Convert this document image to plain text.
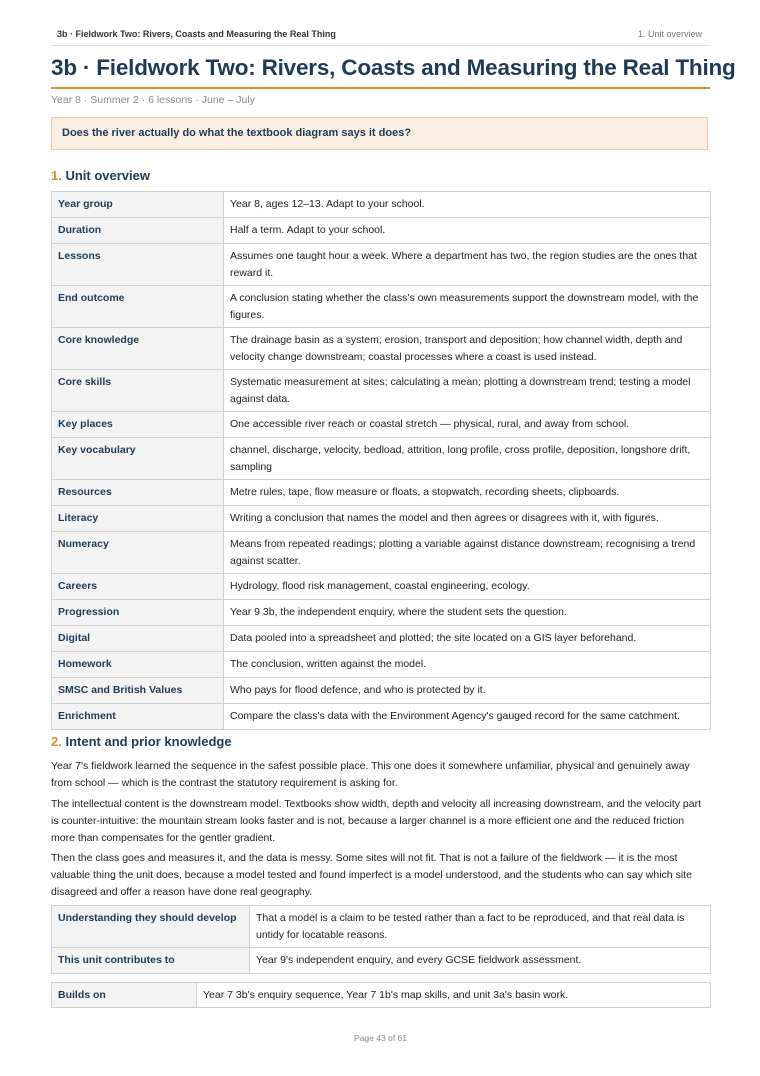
3b · Fieldwork Two: Rivers, Coasts and Measuring the Real Thing	1. Unit overview
3b · Fieldwork Two: Rivers, Coasts and Measuring the Real Thing
Year 8 · Summer 2 · 6 lessons · June – July
Does the river actually do what the textbook diagram says it does?
1. Unit overview
Year group	Year 8, ages 12–13. Adapt to your school.
Duration	Half a term. Adapt to your school.
Lessons	Assumes one taught hour a week. Where a department has two, the region studies are the ones that reward it.
End outcome	A conclusion stating whether the class's own measurements support the downstream model, with the figures.
Core knowledge	The drainage basin as a system; erosion, transport and deposition; how channel width, depth and velocity change downstream; coastal processes where a coast is used instead.
Core skills	Systematic measurement at sites; calculating a mean; plotting a downstream trend; testing a model against data.
Key places	One accessible river reach or coastal stretch — physical, rural, and away from school.
Key vocabulary	channel, discharge, velocity, bedload, attrition, long profile, cross profile, deposition, longshore drift, sampling
Resources	Metre rules, tape, flow measure or floats, a stopwatch, recording sheets, clipboards.
Literacy	Writing a conclusion that names the model and then agrees or disagrees with it, with figures.
Numeracy	Means from repeated readings; plotting a variable against distance downstream; recognising a trend against scatter.
Careers	Hydrology, flood risk management, coastal engineering, ecology.
Progression	Year 9 3b, the independent enquiry, where the student sets the question.
Digital	Data pooled into a spreadsheet and plotted; the site located on a GIS layer beforehand.
Homework	The conclusion, written against the model.
SMSC and British Values	Who pays for flood defence, and who is protected by it.
Enrichment	Compare the class's data with the Environment Agency's gauged record for the same catchment.
2. Intent and prior knowledge

Year 7's fieldwork learned the sequence in the safest possible place. This one does it somewhere unfamiliar, physical and genuinely away from school — which is the contrast the statutory requirement is asking for.

The intellectual content is the downstream model. Textbooks show width, depth and velocity all increasing downstream, and the velocity part is counter-intuitive: the mountain stream looks faster and is not, because a larger channel is a more efficient one and the reduced friction more than compensates for the gentler gradient.

Then the class goes and measures it, and the data is messy. Some sites will not fit. That is not a failure of the fieldwork — it is the most valuable thing the unit does, because a model tested and found imperfect is a model understood, and the students who can say which site disagreed and offer a reason have done real geography.

Understanding they should develop	That a model is a claim to be tested rather than a fact to be reproduced, and that real data is untidy for locatable reasons.
This unit contributes to	Year 9's independent enquiry, and every GCSE fieldwork assessment.
Builds on	Year 7 3b's enquiry sequence, Year 7 1b's map skills, and unit 3a's basin work.
Page 43 of 61
